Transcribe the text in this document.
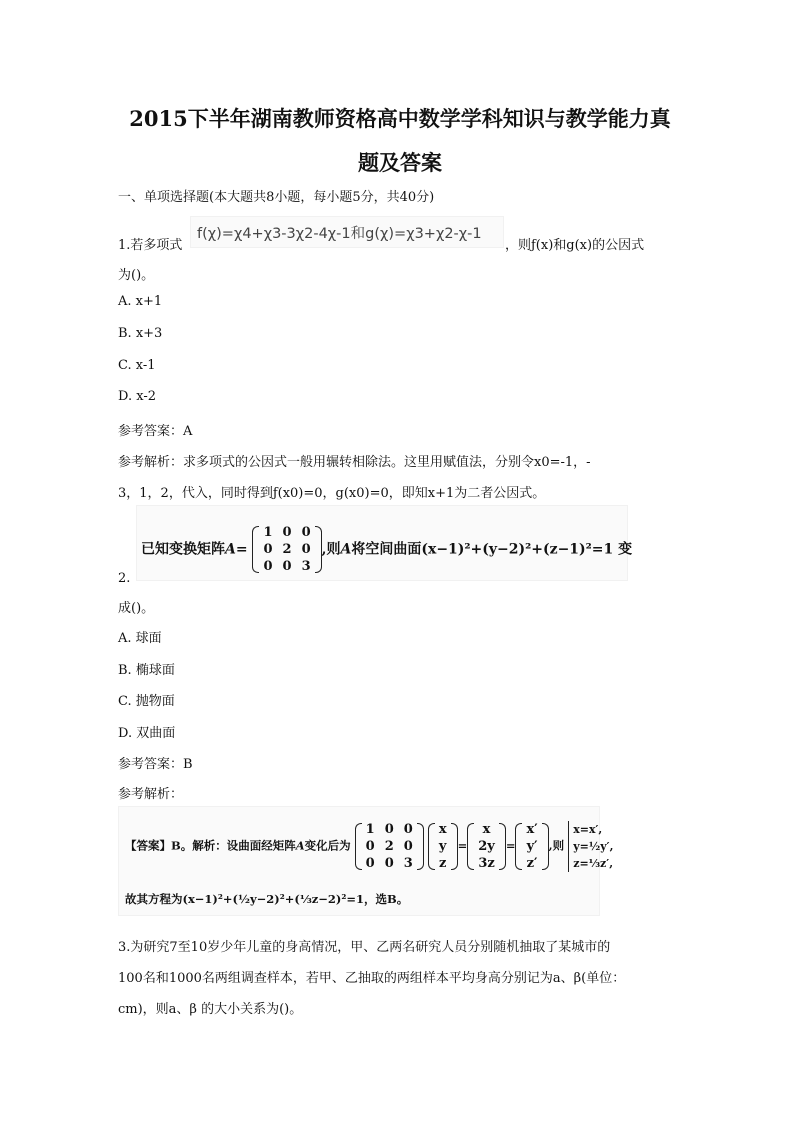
2015下半年湖南教师资格高中数学学科知识与教学能力真
题及答案
一、单项选择题(本大题共8小题，每小题5分，共40分)
1.若多项式
f(χ)=χ4+χ3-3χ2-4χ-1和g(χ)=χ3+χ2-χ-1
，则ƒ(x)和g(x)的公因式
为()。
A. x+1
B. x+3
C. x-1
D. x-2
参考答案：A
参考解析：求多项式的公因式一般用辗转相除法。这里用赋值法，分别令x0=-1，-
3，1，2，代入，同时得到ƒ(x0)=0，g(x0)=0，即知x+1为二者公因式。
已知变换矩阵A=
1	0	0
0	2	0
0	0	3
,则A将空间曲面(x−1)²+(y−2)²+(z−1)²=1 变
2.
成()。
A. 球面
B. 椭球面
C. 抛物面
D. 双曲面
参考答案：B
参考解析：
【答案】B。解析：设曲面经矩阵A变化后为
1	0	0
0	2	0
0	0	3

x
y
z
=
x
2y
3z
=
x′
y′
z′
,则 x=x′,
y=½y′,
z=⅓z′,
故其方程为(x−1)²+(½y−2)²+(⅓z−2)²=1，选B。
3.为研究7至10岁少年儿童的身高情况，甲、乙两名研究人员分别随机抽取了某城市的
100名和1000名两组调查样本，若甲、乙抽取的两组样本平均身高分别记为a、β(单位：
cm)，则a、β 的大小关系为()。
